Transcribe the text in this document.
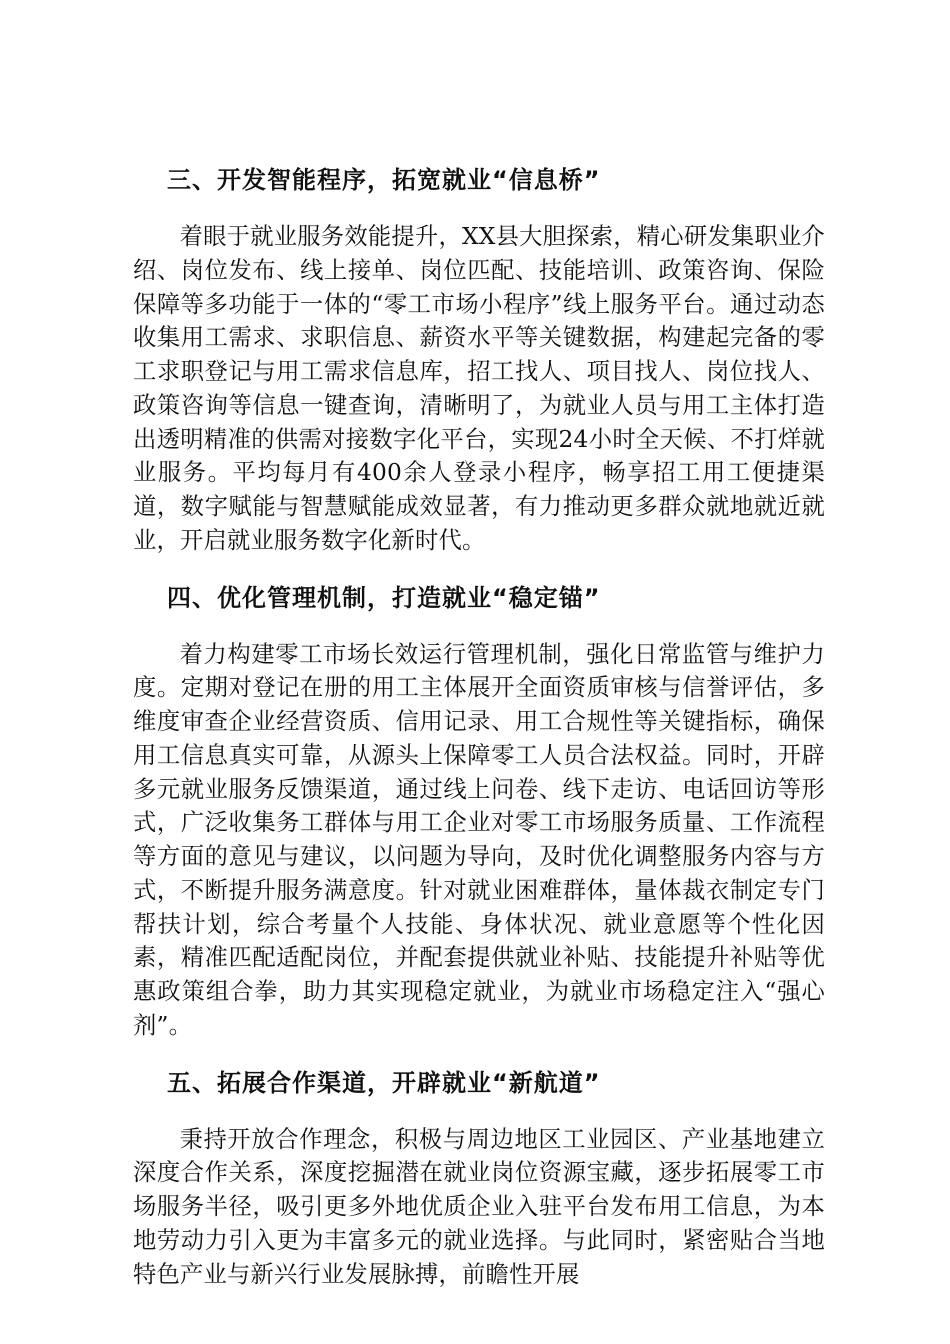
三、开发智能程序，拓宽就业“信息桥”

着眼于就业服务效能提升，XX县大胆探索，精心研发集职业介绍、岗位发布、线上接单、岗位匹配、技能培训、政策咨询、保险保障等多功能于一体的“零工市场小程序”线上服务平台。通过动态收集用工需求、求职信息、薪资水平等关键数据，构建起完备的零工求职登记与用工需求信息库，招工找人、项目找人、岗位找人、政策咨询等信息一键查询，清晰明了，为就业人员与用工主体打造出透明精准的供需对接数字化平台，实现24小时全天候、不打烊就业服务。平均每月有400余人登录小程序，畅享招工用工便捷渠道，数字赋能与智慧赋能成效显著，有力推动更多群众就地就近就业，开启就业服务数字化新时代。

四、优化管理机制，打造就业“稳定锚”

着力构建零工市场长效运行管理机制，强化日常监管与维护力度。定期对登记在册的用工主体展开全面资质审核与信誉评估，多维度审查企业经营资质、信用记录、用工合规性等关键指标，确保用工信息真实可靠，从源头上保障零工人员合法权益。同时，开辟多元就业服务反馈渠道，通过线上问卷、线下走访、电话回访等形式，广泛收集务工群体与用工企业对零工市场服务质量、工作流程等方面的意见与建议，以问题为导向，及时优化调整服务内容与方式，不断提升服务满意度。针对就业困难群体，量体裁衣制定专门帮扶计划，综合考量个人技能、身体状况、就业意愿等个性化因素，精准匹配适配岗位，并配套提供就业补贴、技能提升补贴等优惠政策组合拳，助力其实现稳定就业，为就业市场稳定注入“强心剂”。

五、拓展合作渠道，开辟就业“新航道”

秉持开放合作理念，积极与周边地区工业园区、产业基地建立深度合作关系，深度挖掘潜在就业岗位资源宝藏，逐步拓展零工市场服务半径，吸引更多外地优质企业入驻平台发布用工信息，为本地劳动力引入更为丰富多元的就业选择。与此同时，紧密贴合当地特色产业与新兴行业发展脉搏，前瞻性开展
